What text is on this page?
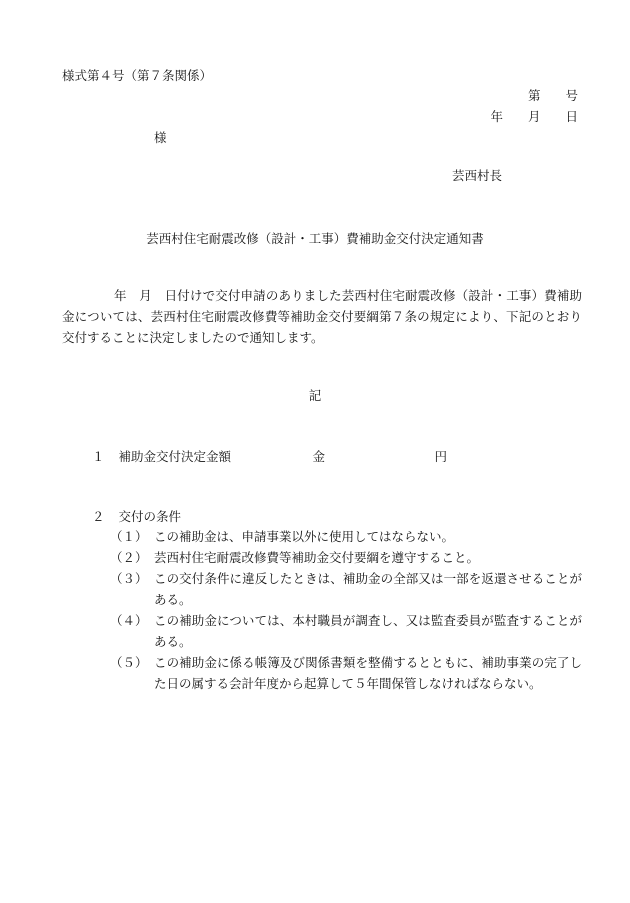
様式第４号（第７条関係）
第　　号
年　　月　　日
様
芸西村長
芸西村住宅耐震改修（設計・工事）費補助金交付決定通知書
年　月　日付けで交付申請のありました芸西村住宅耐震改修（設計・工事）費補助金については、芸西村住宅耐震改修費等補助金交付要綱第７条の規定により、下記のとおり交付することに決定しましたので通知します。
記
１ 補助金交付決定金額	金	円
２ 交付の条件
（１） この補助金は、申請事業以外に使用してはならない。
（２） 芸西村住宅耐震改修費等補助金交付要綱を遵守すること。
（３） この交付条件に違反したときは、補助金の全部又は一部を返還させることがある。
（４） この補助金については、本村職員が調査し、又は監査委員が監査することがある。
（５） この補助金に係る帳簿及び関係書類を整備するとともに、補助事業の完了した日の属する会計年度から起算して５年間保管しなければならない。
